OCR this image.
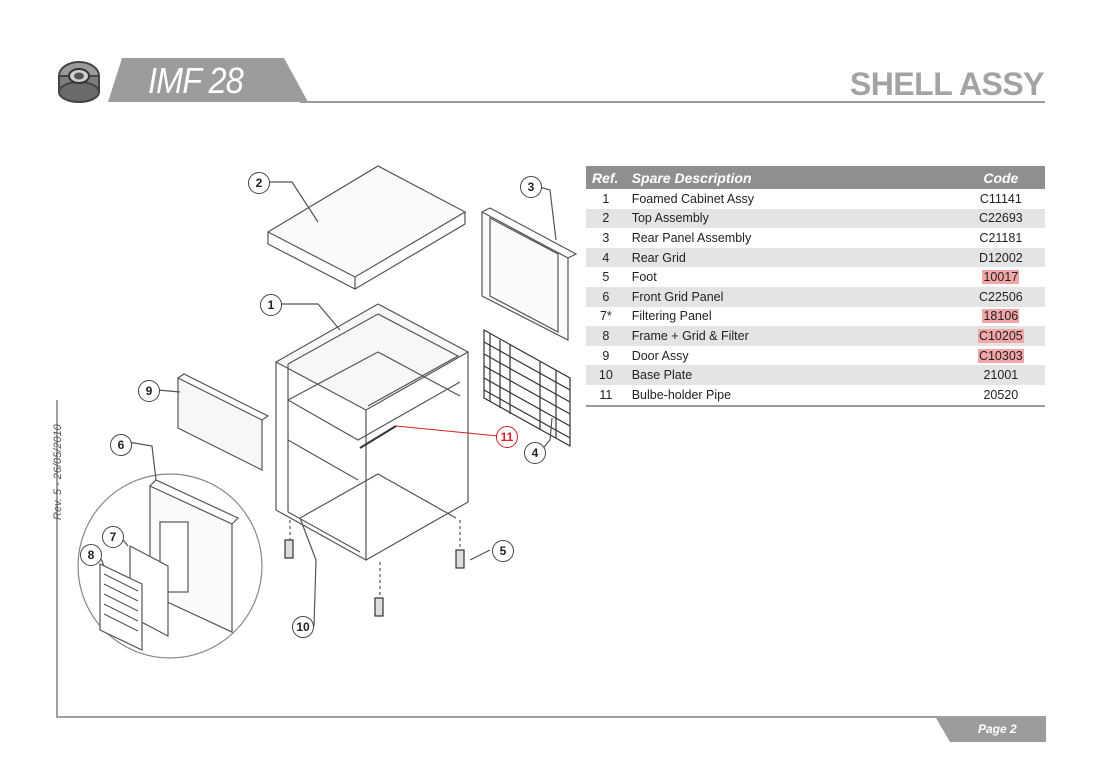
IMF 28	SHELL ASSY
Rev. 5 - 26/05/2010
Page 2
2	3
1
9
6
11
4
7
5
8
10
Ref.	Spare Description	Code
1	Foamed Cabinet Assy	C11141
2	Top Assembly	C22693
3	Rear Panel Assembly	C21181
4	Rear Grid	D12002
5	Foot	10017
6	Front Grid Panel	C22506
7*	Filtering Panel	18106
8	Frame + Grid & Filter	C10205
9	Door Assy	C10303
10	Base Plate	21001
11	Bulbe-holder Pipe	20520
